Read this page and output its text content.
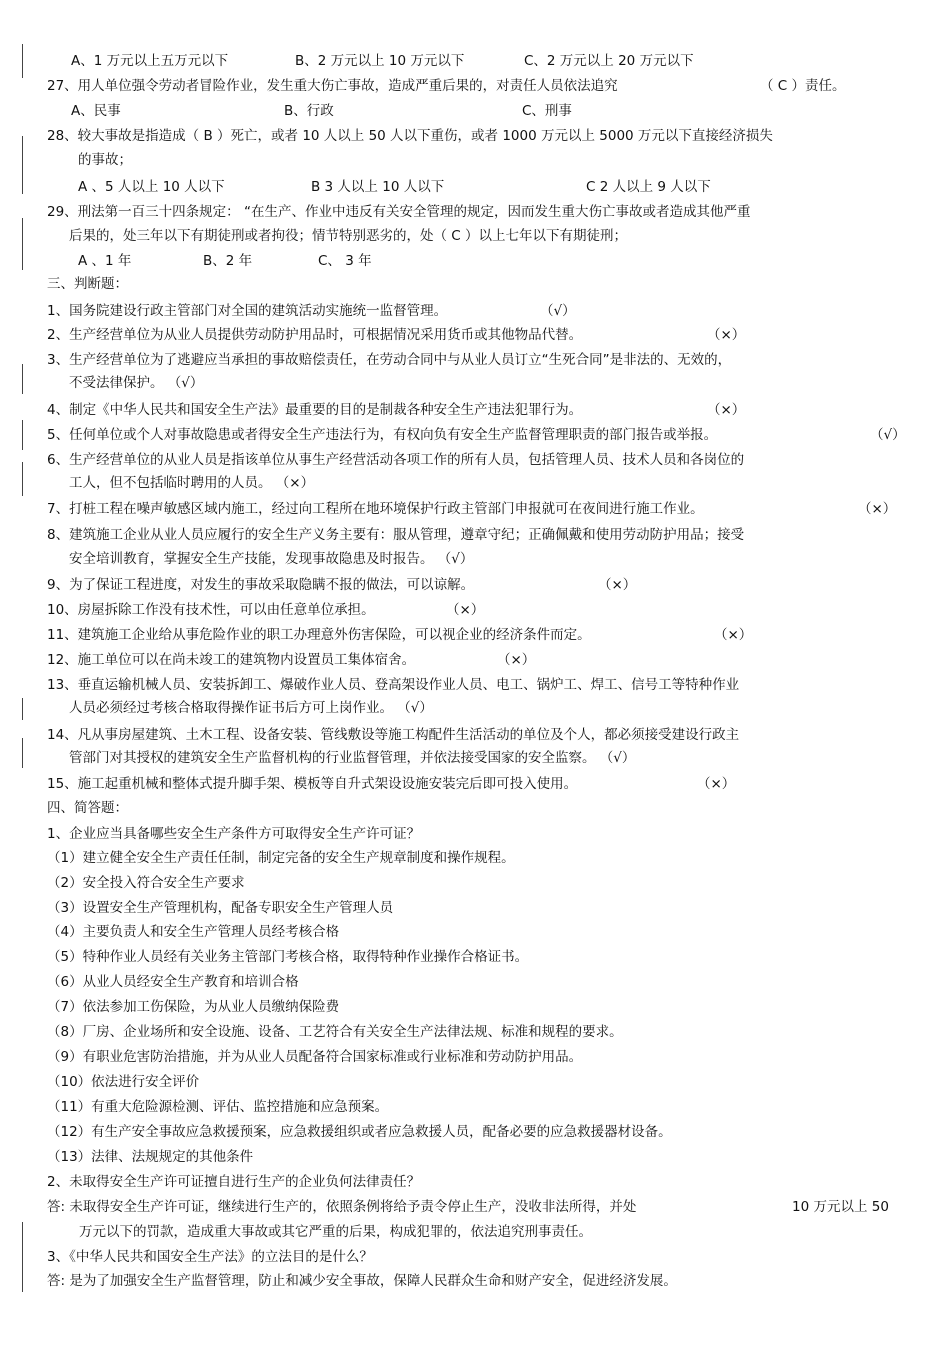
A、1 万元以上五万元以下	B、2 万元以上 10 万元以下	C、2 万元以上 20 万元以下
27、用人单位强令劳动者冒险作业，发生重大伤亡事故，造成严重后果的，对责任人员依法追究	（ C ）责任。
A、民事	B、行政	C、刑事
28、较大事故是指造成（ B ）死亡，或者 10 人以上 50 人以下重伤，或者 1000 万元以上 5000 万元以下直接经济损失
的事故；
A 、5 人以上 10 人以下	B 3 人以上 10 人以下	C 2 人以上 9 人以下
29、刑法第一百三十四条规定： “在生产、作业中违反有关安全管理的规定，因而发生重大伤亡事故或者造成其他严重
后果的，处三年以下有期徒刑或者拘役；情节特别恶劣的，处（ C ）以上七年以下有期徒刑；
A 、1 年	B、2 年	C、 3 年
三、判断题：
1、国务院建设行政主管部门对全国的建筑活动实施统一监督管理。	（√）
2、生产经营单位为从业人员提供劳动防护用品时，可根据情况采用货币或其他物品代替。	（×）
3、生产经营单位为了逃避应当承担的事故赔偿责任，在劳动合同中与从业人员订立“生死合同”是非法的、无效的，
不受法律保护。 （√）
4、制定《中华人民共和国安全生产法》最重要的目的是制裁各种安全生产违法犯罪行为。	（×）
5、任何单位或个人对事故隐患或者得安全生产违法行为，有权向负有安全生产监督管理职责的部门报告或举报。	（√）
6、生产经营单位的从业人员是指该单位从事生产经营活动各项工作的所有人员，包括管理人员、技术人员和各岗位的
工人，但不包括临时聘用的人员。 （×）
7、打桩工程在噪声敏感区域内施工，经过向工程所在地环境保护行政主管部门申报就可在夜间进行施工作业。	（×）
8、建筑施工企业从业人员应履行的安全生产义务主要有：服从管理，遵章守纪；正确佩戴和使用劳动防护用品；接受
安全培训教育，掌握安全生产技能，发现事故隐患及时报告。 （√）
9、为了保证工程进度，对发生的事故采取隐瞒不报的做法，可以谅解。	（×）
10、房屋拆除工作没有技术性，可以由任意单位承担。	（×）
11、建筑施工企业给从事危险作业的职工办理意外伤害保险，可以视企业的经济条件而定。	（×）
12、施工单位可以在尚未竣工的建筑物内设置员工集体宿舍。	（×）
13、垂直运输机械人员、安装拆卸工、爆破作业人员、登高架设作业人员、电工、锅炉工、焊工、信号工等特种作业
人员必须经过考核合格取得操作证书后方可上岗作业。 （√）
14、凡从事房屋建筑、土木工程、设备安装、管线敷设等施工构配件生活活动的单位及个人，都必须接受建设行政主
管部门对其授权的建筑安全生产监督机构的行业监督管理，并依法接受国家的安全监察。 （√）
15、施工起重机械和整体式提升脚手架、模板等自升式架设设施安装完后即可投入使用。	（×）
四、简答题：
1、企业应当具备哪些安全生产条件方可取得安全生产许可证？
（1）建立健全安全生产责任任制，制定完备的安全生产规章制度和操作规程。
（2）安全投入符合安全生产要求
（3）设置安全生产管理机构，配备专职安全生产管理人员
（4）主要负责人和安全生产管理人员经考核合格
（5）特种作业人员经有关业务主管部门考核合格，取得特种作业操作合格证书。
（6）从业人员经安全生产教育和培训合格
（7）依法参加工伤保险，为从业人员缴纳保险费
（8）厂房、企业场所和安全设施、设备、工艺符合有关安全生产法律法规、标准和规程的要求。
（9）有职业危害防治措施，并为从业人员配备符合国家标准或行业标准和劳动防护用品。
（10）依法进行安全评价
（11）有重大危险源检测、评估、监控措施和应急预案。
（12）有生产安全事故应急救援预案，应急救援组织或者应急救援人员，配备必要的应急救援器材设备。
（13）法律、法规规定的其他条件
2、未取得安全生产许可证擅自进行生产的企业负何法律责任？
答: 未取得安全生产许可证，继续进行生产的，依照条例将给予责令停止生产，没收非法所得，并处	10 万元以上 50
万元以下的罚款，造成重大事故或其它严重的后果，构成犯罪的，依法追究刑事责任。
3、《中华人民共和国安全生产法》的立法目的是什么？
答: 是为了加强安全生产监督管理，防止和减少安全事故，保障人民群众生命和财产安全，促进经济发展。
